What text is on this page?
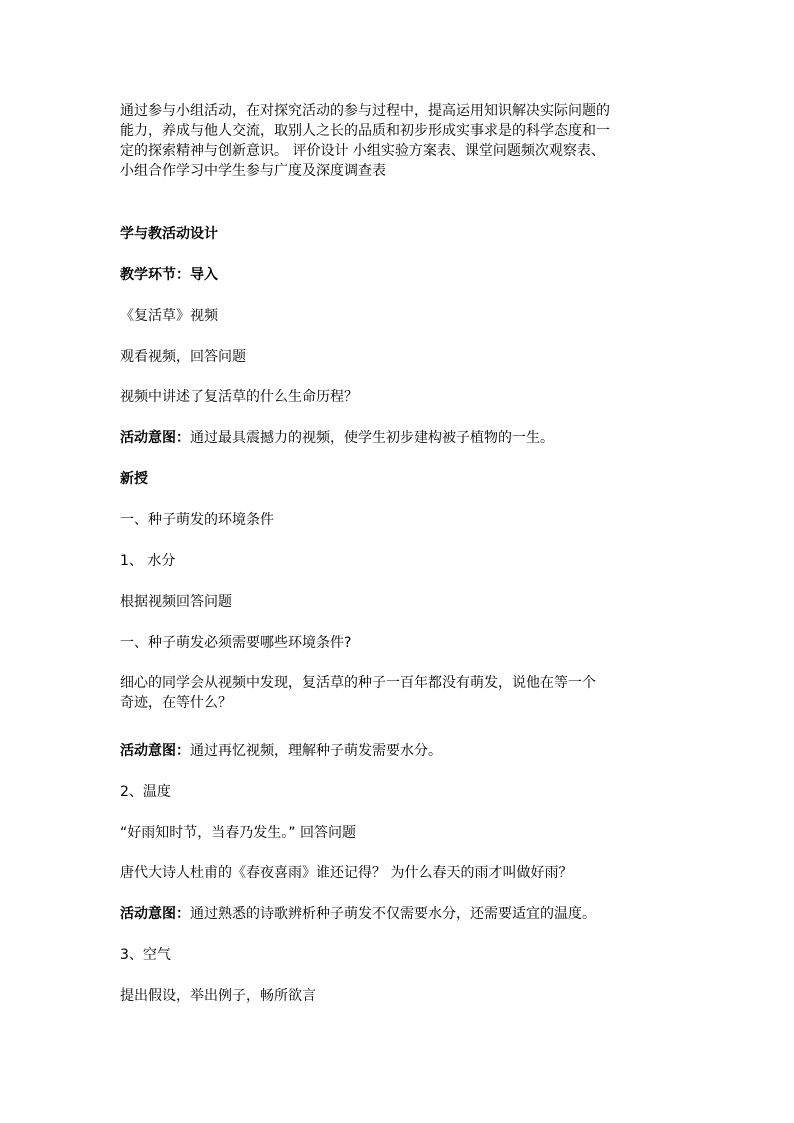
通过参与小组活动，在对探究活动的参与过程中，提高运用知识解决实际问题的
能力，养成与他人交流，取别人之长的品质和初步形成实事求是的科学态度和一
定的探索精神与创新意识。 评价设计 小组实验方案表、课堂问题频次观察表、
小组合作学习中学生参与广度及深度调查表
学与教活动设计
教学环节：导入
《复活草》视频
观看视频，回答问题
视频中讲述了复活草的什么生命历程？
活动意图：通过最具震撼力的视频，使学生初步建构被子植物的一生。
新授
一、种子萌发的环境条件
1、 水分
根据视频回答问题
一、种子萌发必须需要哪些环境条件?
细心的同学会从视频中发现，复活草的种子一百年都没有萌发，说他在等一个
奇迹，在等什么？
活动意图：通过再忆视频，理解种子萌发需要水分。
2、温度
“好雨知时节，当春乃发生。” 回答问题
唐代大诗人杜甫的《春夜喜雨》谁还记得？ 为什么春天的雨才叫做好雨？
活动意图：通过熟悉的诗歌辨析种子萌发不仅需要水分，还需要适宜的温度。
3、空气
提出假设，举出例子，畅所欲言
